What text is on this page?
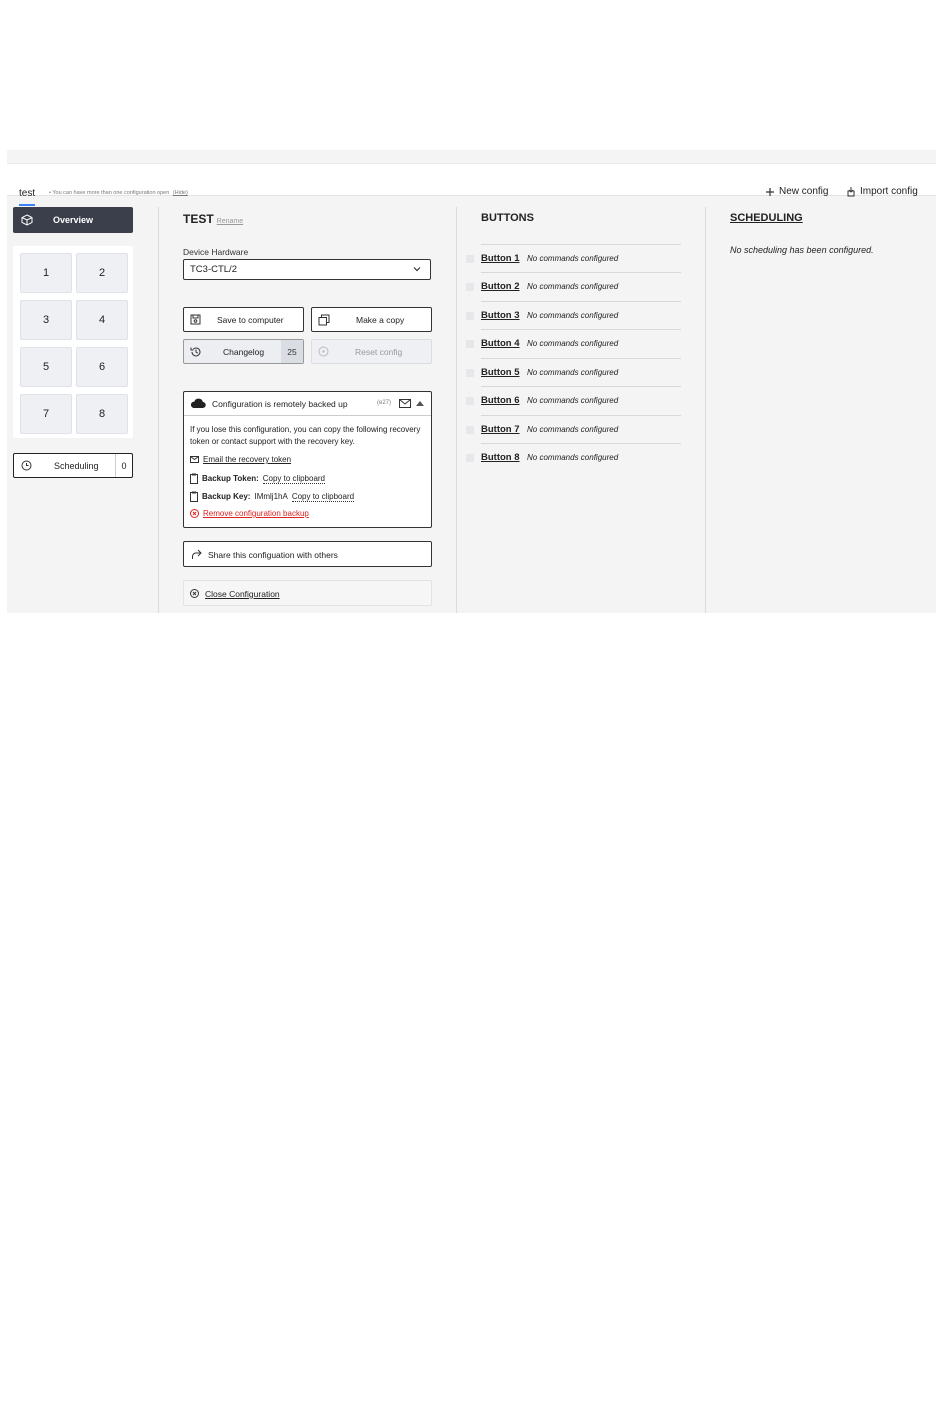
test	• You can have more than one configuration open (Hide)	New config	Import config
Overview
1	2
3	4
5	6
7	8
Scheduling	0
TEST Rename
Device Hardware
TC3-CTL/2
Save to computer	Make a copy
Changelog	25	Reset config
Configuration is remotely backed up	(e27)
If you lose this configuration, you can copy the following recovery token or contact support with the recovery key.
Email the recovery token
Backup Token: Copy to clipboard
Backup Key: IMmlj1hA Copy to clipboard
Remove configuration backup
Share this configuation with others
Close Configuration
BUTTONS
Button 1 No commands configured
Button 2 No commands configured
Button 3 No commands configured
Button 4 No commands configured
Button 5 No commands configured
Button 6 No commands configured
Button 7 No commands configured
Button 8 No commands configured
SCHEDULING
No scheduling has been configured.
